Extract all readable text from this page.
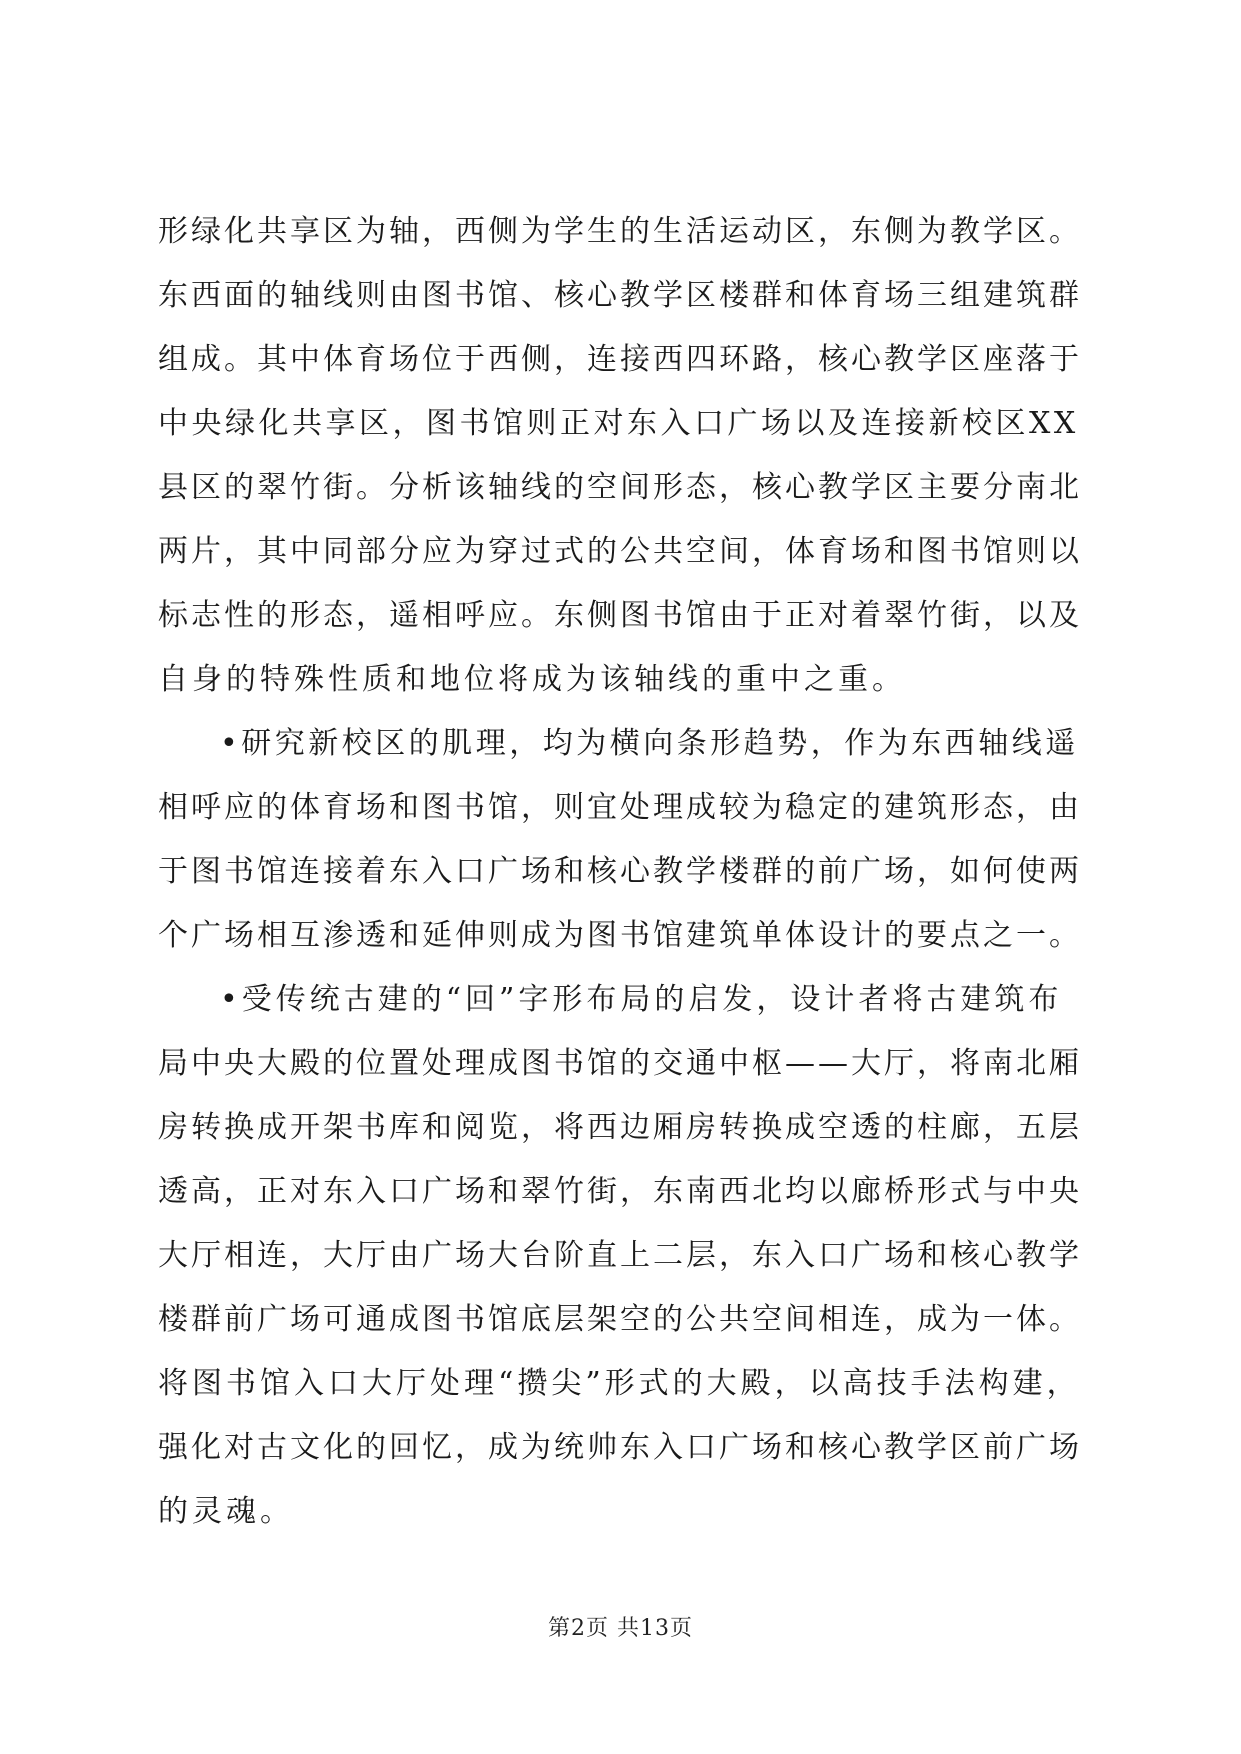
形绿化共享区为轴，西侧为学生的生活运动区，东侧为教学区。
东西面的轴线则由图书馆、核心教学区楼群和体育场三组建筑群
组成。其中体育场位于西侧，连接西四环路，核心教学区座落于
中央绿化共享区，图书馆则正对东入口广场以及连接新校区XX
县区的翠竹街。分析该轴线的空间形态，核心教学区主要分南北
两片，其中同部分应为穿过式的公共空间，体育场和图书馆则以
标志性的形态，遥相呼应。东侧图书馆由于正对着翠竹街，以及
自身的特殊性质和地位将成为该轴线的重中之重。
•研究新校区的肌理，均为横向条形趋势，作为东西轴线遥
相呼应的体育场和图书馆，则宜处理成较为稳定的建筑形态，由
于图书馆连接着东入口广场和核心教学楼群的前广场，如何使两
个广场相互渗透和延伸则成为图书馆建筑单体设计的要点之一。
•受传统古建的“回”字形布局的启发，设计者将古建筑布
局中央大殿的位置处理成图书馆的交通中枢——大厅，将南北厢
房转换成开架书库和阅览，将西边厢房转换成空透的柱廊，五层
透高，正对东入口广场和翠竹街，东南西北均以廊桥形式与中央
大厅相连，大厅由广场大台阶直上二层，东入口广场和核心教学
楼群前广场可通成图书馆底层架空的公共空间相连，成为一体。
将图书馆入口大厅处理“攒尖”形式的大殿，以高技手法构建，
强化对古文化的回忆，成为统帅东入口广场和核心教学区前广场
的灵魂。
第2页 共13页
